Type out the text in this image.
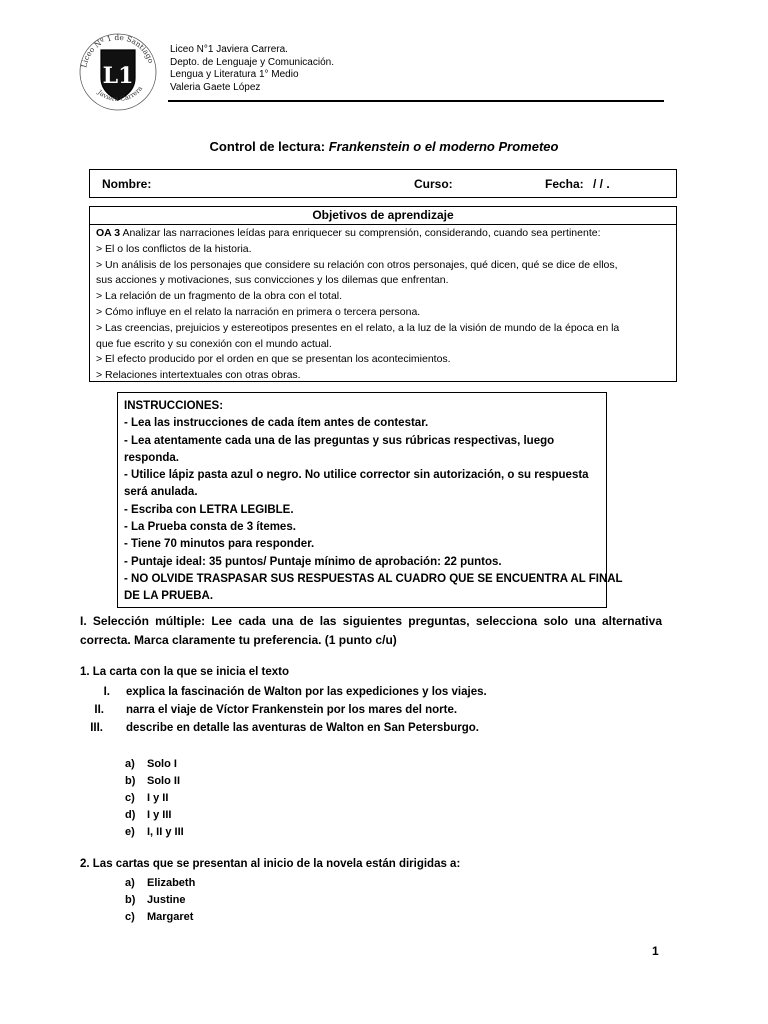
Liceo Nº 1 de Santiago
L1
Javiera Carrera
Liceo N°1 Javiera Carrera.
Depto. de Lenguaje y Comunicación.
Lengua y Literatura 1° Medio
Valeria Gaete López
Control de lectura: Frankenstein o el moderno Prometeo
Nombre:	Curso:	Fecha: / / .
Objetivos de aprendizaje
OA 3 Analizar las narraciones leídas para enriquecer su comprensión, considerando, cuando sea pertinente:
> El o los conflictos de la historia.
> Un análisis de los personajes que considere su relación con otros personajes, qué dicen, qué se dice de ellos,
sus acciones y motivaciones, sus convicciones y los dilemas que enfrentan.
> La relación de un fragmento de la obra con el total.
> Cómo influye en el relato la narración en primera o tercera persona.
> Las creencias, prejuicios y estereotipos presentes en el relato, a la luz de la visión de mundo de la época en la
que fue escrito y su conexión con el mundo actual.
> El efecto producido por el orden en que se presentan los acontecimientos.
> Relaciones intertextuales con otras obras.
INSTRUCCIONES:
- Lea las instrucciones de cada ítem antes de contestar.
- Lea atentamente cada una de las preguntas y sus rúbricas respectivas, luego
responda.
- Utilice lápiz pasta azul o negro. No utilice corrector sin autorización, o su respuesta
será anulada.
- Escriba con LETRA LEGIBLE.
- La Prueba consta de 3 ítemes.
- Tiene 70 minutos para responder.
- Puntaje ideal: 35 puntos/ Puntaje mínimo de aprobación: 22 puntos.
- NO OLVIDE TRASPASAR SUS RESPUESTAS AL CUADRO QUE SE ENCUENTRA AL FINAL
DE LA PRUEBA.
I. Selección múltiple: Lee cada una de las siguientes preguntas, selecciona solo una alternativa correcta. Marca claramente tu preferencia. (1 punto c/u)
1. La carta con la que se inicia el texto
I. explica la fascinación de Walton por las expediciones y los viajes.
II. narra el viaje de Víctor Frankenstein por los mares del norte.
III. describe en detalle las aventuras de Walton en San Petersburgo.
a) Solo I
b) Solo II
c) I y II
d) I y III
e) I, II y III
2. Las cartas que se presentan al inicio de la novela están dirigidas a:
a) Elizabeth
b) Justine
c) Margaret
1
